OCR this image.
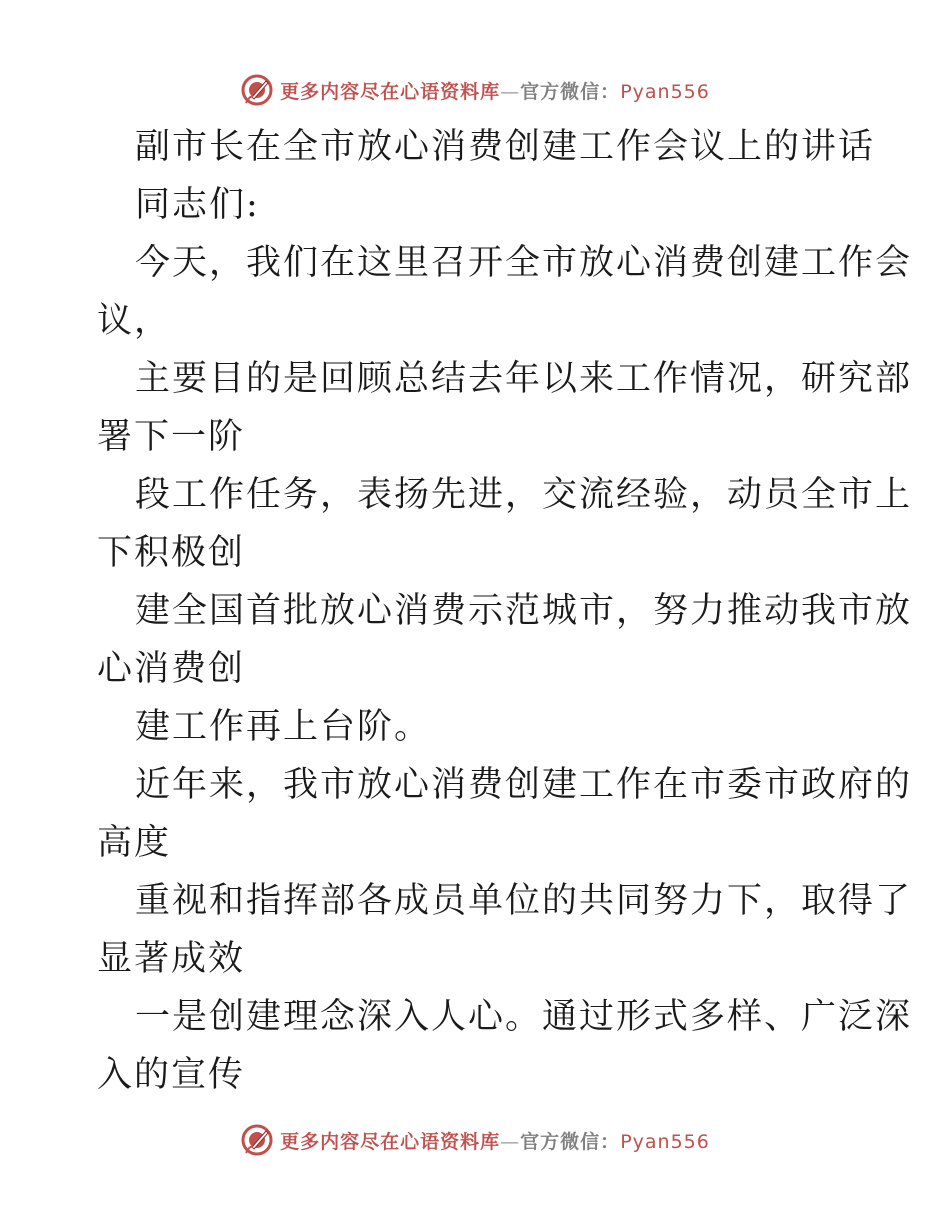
更多内容尽在心语资料库—官方微信：Pyan556
副市长在全市放心消费创建工作会议上的讲话
同志们:
今天，我们在这里召开全市放心消费创建工作会
议，
主要目的是回顾总结去年以来工作情况，研究部
署下一阶
段工作任务，表扬先进，交流经验，动员全市上
下积极创
建全国首批放心消费示范城市，努力推动我市放
心消费创
建工作再上台阶。
近年来，我市放心消费创建工作在市委市政府的
高度
重视和指挥部各成员单位的共同努力下，取得了
显著成效
一是创建理念深入人心。通过形式多样、广泛深
入的宣传
更多内容尽在心语资料库—官方微信：Pyan556
